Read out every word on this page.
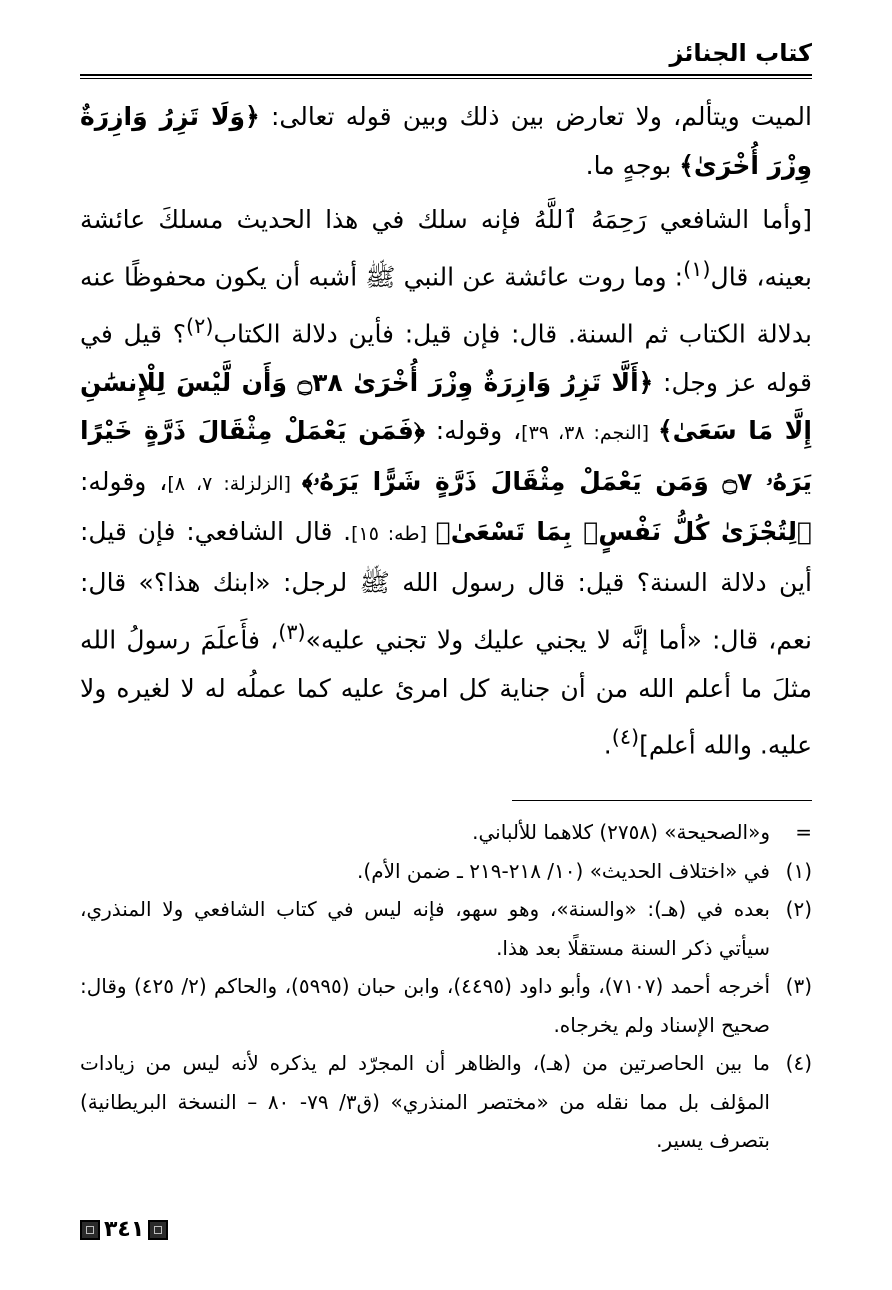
كتاب الجنائز

الميت ويتألم، ولا تعارض بين ذلك وبين قوله تعالى: ﴿وَلَا تَزِرُ وَازِرَةٌ وِزْرَ أُخْرَىٰ﴾ بوجهٍ ما.

[وأما الشافعي رَحِمَهُ ٱللَّهُ فإنه سلك في هذا الحديث مسلكَ عائشة بعينه، قال$^{(١)}$: وما روت عائشة عن النبي ﷺ أشبه أن يكون محفوظًا عنه بدلالة الكتاب ثم السنة. قال: فإن قيل: فأين دلالة الكتاب$^{(٢)}$؟ قيل في قوله عز وجل: ﴿أَلَّا تَزِرُ وَازِرَةٌ وِزْرَ أُخْرَىٰ ۝٣٨ وَأَن لَّيْسَ لِلْإِنسَٰنِ إِلَّا مَا سَعَىٰ﴾ [النجم: ٣٨، ٣٩]، وقوله: ﴿فَمَن يَعْمَلْ مِثْقَالَ ذَرَّةٍ خَيْرًا يَرَهُۥ ۝٧ وَمَن يَعْمَلْ مِثْقَالَ ذَرَّةٍ شَرًّا يَرَهُۥ﴾ [الزلزلة: ٧، ٨]، وقوله: ﴿لِتُجْزَىٰ كُلُّ نَفْسٍۭ بِمَا تَسْعَىٰ﴾ [طه: ١٥]. قال الشافعي: فإن قيل: أين دلالة السنة؟ قيل: قال رسول الله ﷺ لرجل: «ابنك هذا؟» قال: نعم، قال: «أما إنَّه لا يجني عليك ولا تجني عليه»$^{(٣)}$، فأَعلَمَ رسولُ الله مثلَ ما أعلم الله من أن جناية كل امرئ عليه كما عملُه له لا لغيره ولا عليه. والله أعلم]$^{(٤)}$.

=
و«الصحيحة» (٢٧٥٨) كلاهما للألباني.
(١)
في «اختلاف الحديث» (١٠/ ٢١٨-٢١٩ ـ ضمن الأم).
(٢)
بعده في (هـ): «والسنة»، وهو سهو، فإنه ليس في كتاب الشافعي ولا المنذري، سيأتي ذكر السنة مستقلًا بعد هذا.
(٣)
أخرجه أحمد (٧١٠٧)، وأبو داود (٤٤٩٥)، وابن حبان (٥٩٩٥)، والحاكم (٢/ ٤٢٥) وقال: صحيح الإسناد ولم يخرجاه.
(٤)
ما بين الحاصرتين من (هـ)، والظاهر أن المجرّد لم يذكره لأنه ليس من زيادات المؤلف بل مما نقله من «مختصر المنذري» (ق٣/ ٧٩- ٨٠ – النسخة البريطانية) بتصرف يسير.
٣٤١
